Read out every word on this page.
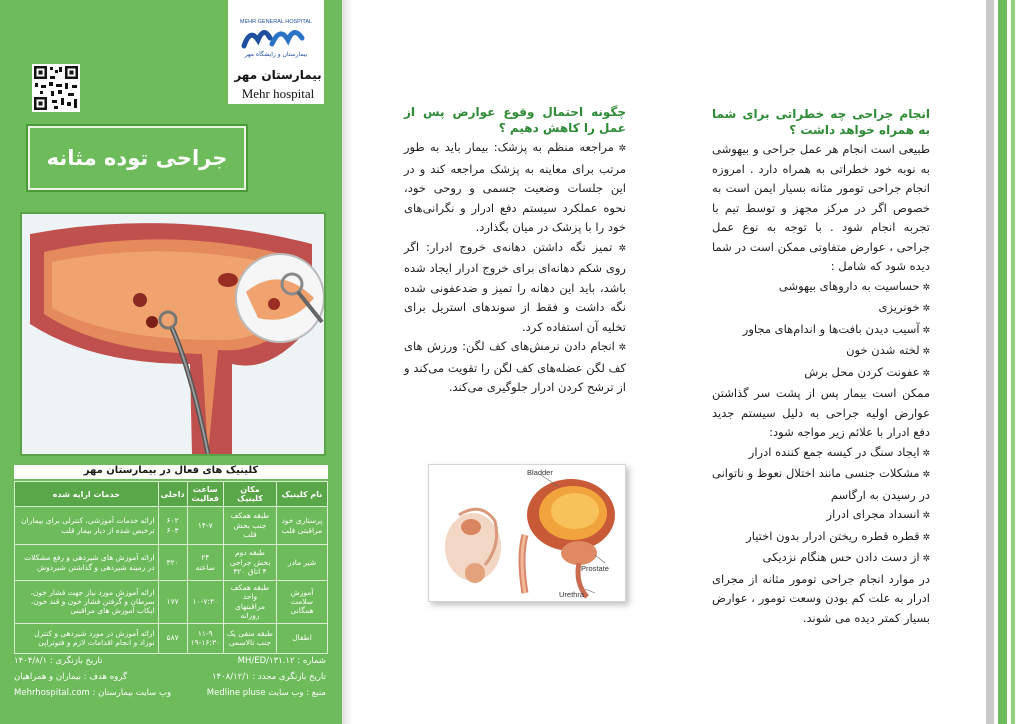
MEHR GENERAL HOSPITAL
بیمارستان و زایشگاه مهر
بیمارستان مهر
Mehr hospital
جراحی توده مثانه
کلینیک های فعال در بیمارستان مهر
نام کلینیک	مکان کلینیک	ساعت فعالیت	داخلی	خدمات ارایه شده
پرستاری خود مراقبتی قلب	طبقه همکف جنب بخش قلب	۱۴-۷	۶۰۲ ۶۰۳	ارائه خدمات آموزشی، کنترلی برای بیماران ترخیص شده از دیار بیمار قلب
شیر مادر	طبقه دوم بخش جراحی ۴ اتاق ۳۲۰	۲۴ ساعته	۳۲۰	ارائه آموزش های شیردهی و رفع مشکلات در زمینه شیردهی و گذاشتن شیردوش
آموزش سلامت همگانی	طبقه همکف واحد مراقبتهای روزانه	۱۰-۷:۳۰	۱۷۷	ارائه آموزش مورد نیاز جهت فشار خون، سرطان و گرفتن فشار خون و قند خون، ایکاب آموزش های مراقبتی
اطفال	طبقه منفی یک جنب تالاسمی	۱۱-۹ ۱۹-۱۶:۳۰	۵۸۷	ارائه آموزش در مورد شیردهی و کنترل نوزاد و انجام اقدامات لازم و فتوتراپی
شماره : MH/ED/۱۳۱.۱۲
تاریخ بازنگری : ۱۴۰۴/۸/۱
تاریخ بازنگری مجدد : ۱۴۰۸/۱۲/۱
گروه هدف : بیماران و همراهیان
منبع : وب سایت Medline pluse
وب سایت بیمارستان : Mehrhospital.com

چگونه احتمال وقوع عوارض پس از عمل را کاهش دهیم ؟

✲ مراجعه منظم به پزشک: بیمار باید به طور مرتب برای معاینه به پزشک مراجعه کند و در این جلسات وضعیت جسمی و روحی خود، نحوه عملکرد سیستم دفع ادرار و نگرانی‌های خود را با پزشک در میان بگذارد.

✲ تمیز نگه داشتن دهانه‌ی خروج ادرار: اگر روی شکم دهانه‌ای برای خروج ادرار ایجاد شده باشد، باید این دهانه را تمیز و ضدعفونی شده نگه داشت و فقط از سوندهای استریل برای تخلیه آن استفاده کرد.

✲ انجام دادن نرمش‌های کف لگن: ورزش های کف لگن عضله‌های کف لگن را تقویت می‌کند و از ترشح کردن ادرار جلوگیری می‌کند.

Bladder
Prostate
Urethra

انجام جراحی چه خطراتی برای شما به همراه خواهد داشت ؟

طبیعی است انجام هر عمل جراحی و بیهوشی به نوبه خود خطراتی به همراه دارد . امروزه انجام جراحی تومور مثانه بسیار ایمن است به خصوص اگر در مرکز مجهز و توسط تیم با تجربه انجام شود . با توجه به نوع عمل جراحی ، عوارض متفاوتی ممکن است در شما دیده شود که شامل :

✲ حساسیت به داروهای بیهوشی

✲ خونریزی

✲ آسیب دیدن بافت‌ها و اندام‌های مجاور

✲ لخته شدن خون

✲ عفونت کردن محل برش

ممکن است بیمار پس از پشت سر گذاشتن عوارض اولیه جراحی به دلیل سیستم جدید دفع ادرار با علائم زیر مواجه شود:

✲ ایجاد سنگ در کیسه جمع کننده ادرار

✲ مشکلات جنسی مانند اختلال نعوظ و ناتوانی در رسیدن به ارگاسم

✲ انسداد مجرای ادرار

✲ قطره قطره ریختن ادرار بدون اختیار

✲ از دست دادن حس هنگام نزدیکی

در موارد انجام جراحی تومور مثانه از مجرای ادرار به علت کم بودن وسعت تومور ، عوارض بسیار کمتر دیده می شوند.
